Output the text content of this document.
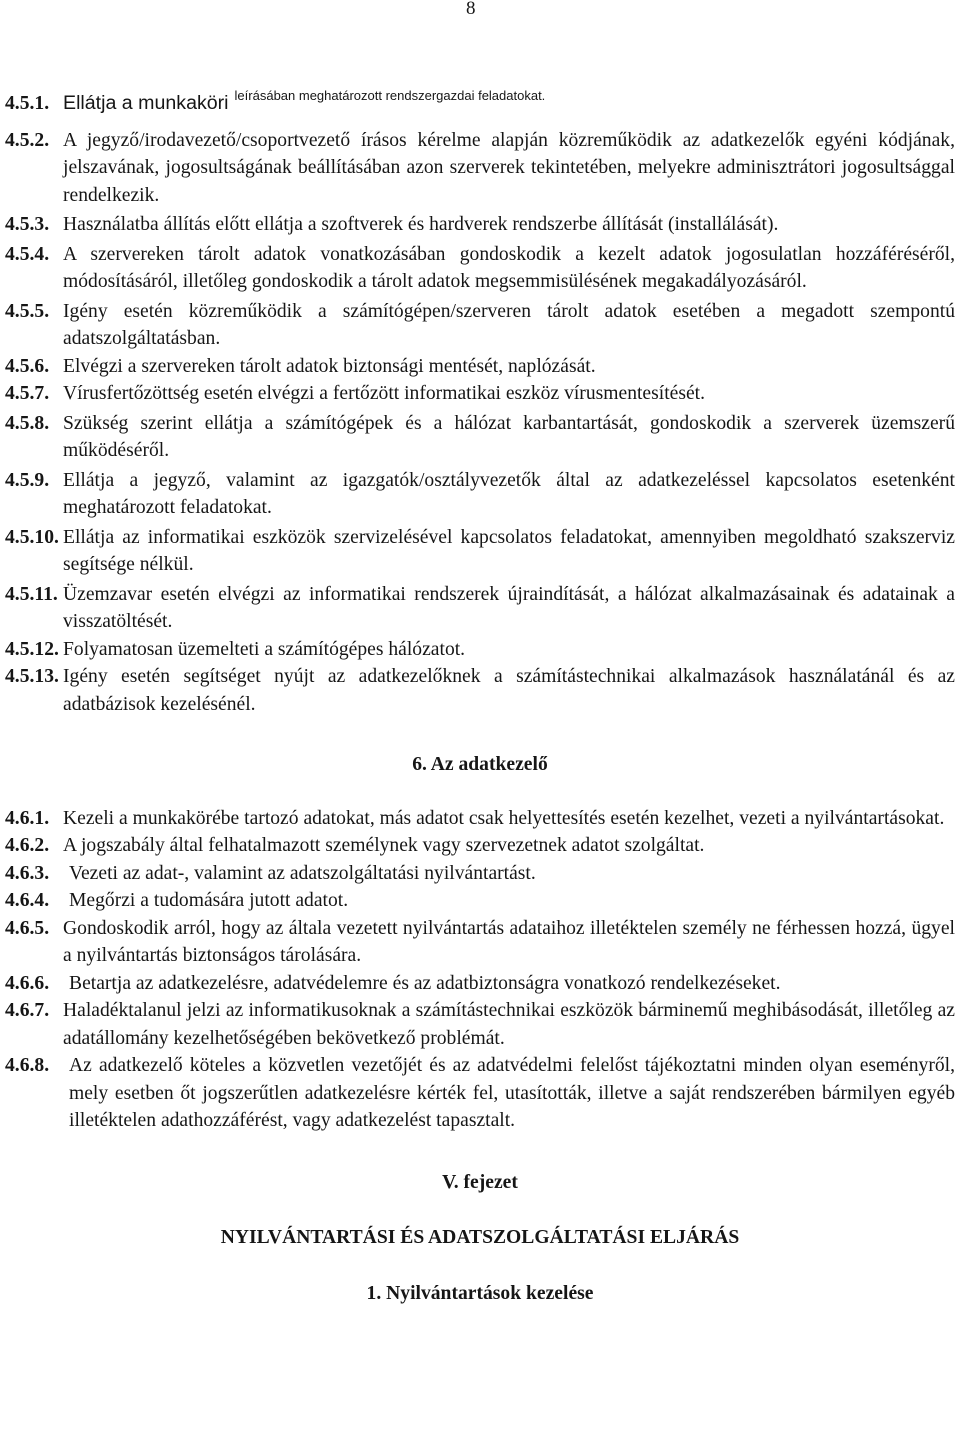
8
4.5.1. Ellátja a munkaköri $^{leírásában meghatározott rendszergazdai feladatokat.}$
4.5.2. A jegyző/irodavezető/csoportvezető írásos kérelme alapján közreműködik az adatkezelők egyéni kódjának, jelszavának, jogosultságának beállításában azon szerverek tekintetében, melyekre adminisztrátori jogosultsággal rendelkezik.
4.5.3. Használatba állítás előtt ellátja a szoftverek és hardverek rendszerbe állítását (installálását).
4.5.4. A szervereken tárolt adatok vonatkozásában gondoskodik a kezelt adatok jogosulatlan hozzáféréséről, módosításáról, illetőleg gondoskodik a tárolt adatok megsemmisülésének megakadályozásáról.
4.5.5. Igény esetén közreműködik a számítógépen/szerveren tárolt adatok esetében a megadott szempontú adatszolgáltatásban.
4.5.6. Elvégzi a szervereken tárolt adatok biztonsági mentését, naplózását.
4.5.7. Vírusfertőzöttség esetén elvégzi a fertőzött informatikai eszköz vírusmentesítését.
4.5.8. Szükség szerint ellátja a számítógépek és a hálózat karbantartását, gondoskodik a szerverek üzemszerű működéséről.
4.5.9. Ellátja a jegyző, valamint az igazgatók/osztályvezetők által az adatkezeléssel kapcsolatos esetenként meghatározott feladatokat.
4.5.10. Ellátja az informatikai eszközök szervizelésével kapcsolatos feladatokat, amennyiben megoldható szakszerviz segítsége nélkül.
4.5.11. Üzemzavar esetén elvégzi az informatikai rendszerek újraindítását, a hálózat alkalmazásainak és adatainak a visszatöltését.
4.5.12. Folyamatosan üzemelteti a számítógépes hálózatot.
4.5.13. Igény esetén segítséget nyújt az adatkezelőknek a számítástechnikai alkalmazások használatánál és az adatbázisok kezelésénél.
6. Az adatkezelő
4.6.1. Kezeli a munkakörébe tartozó adatokat, más adatot csak helyettesítés esetén kezelhet, vezeti a nyilvántartásokat.
4.6.2. A jogszabály által felhatalmazott személynek vagy szervezetnek adatot szolgáltat.
4.6.3.	Vezeti az adat-, valamint az adatszolgáltatási nyilvántartást.
4.6.4.	Megőrzi a tudomására jutott adatot.
4.6.5. Gondoskodik arról, hogy az általa vezetett nyilvántartás adataihoz illetéktelen személy ne férhessen hozzá, ügyel a nyilvántartás biztonságos tárolására.
4.6.6.	Betartja az adatkezelésre, adatvédelemre és az adatbiztonságra vonatkozó rendelkezéseket.
4.6.7. Haladéktalanul jelzi az informatikusoknak a számítástechnikai eszközök bárminemű meghibásodását, illetőleg az adatállomány kezelhetőségében bekövetkező problémát.
4.6.8.	Az adatkezelő köteles a közvetlen vezetőjét és az adatvédelmi felelőst tájékoztatni minden olyan eseményről, mely esetben őt jogszerűtlen adatkezelésre kérték fel, utasították, illetve a saját rendszerében bármilyen egyéb illetéktelen adathozzáférést, vagy adatkezelést tapasztalt.
V. fejezet
NYILVÁNTARTÁSI ÉS ADATSZOLGÁLTATÁSI ELJÁRÁS
1. Nyilvántartások kezelése
